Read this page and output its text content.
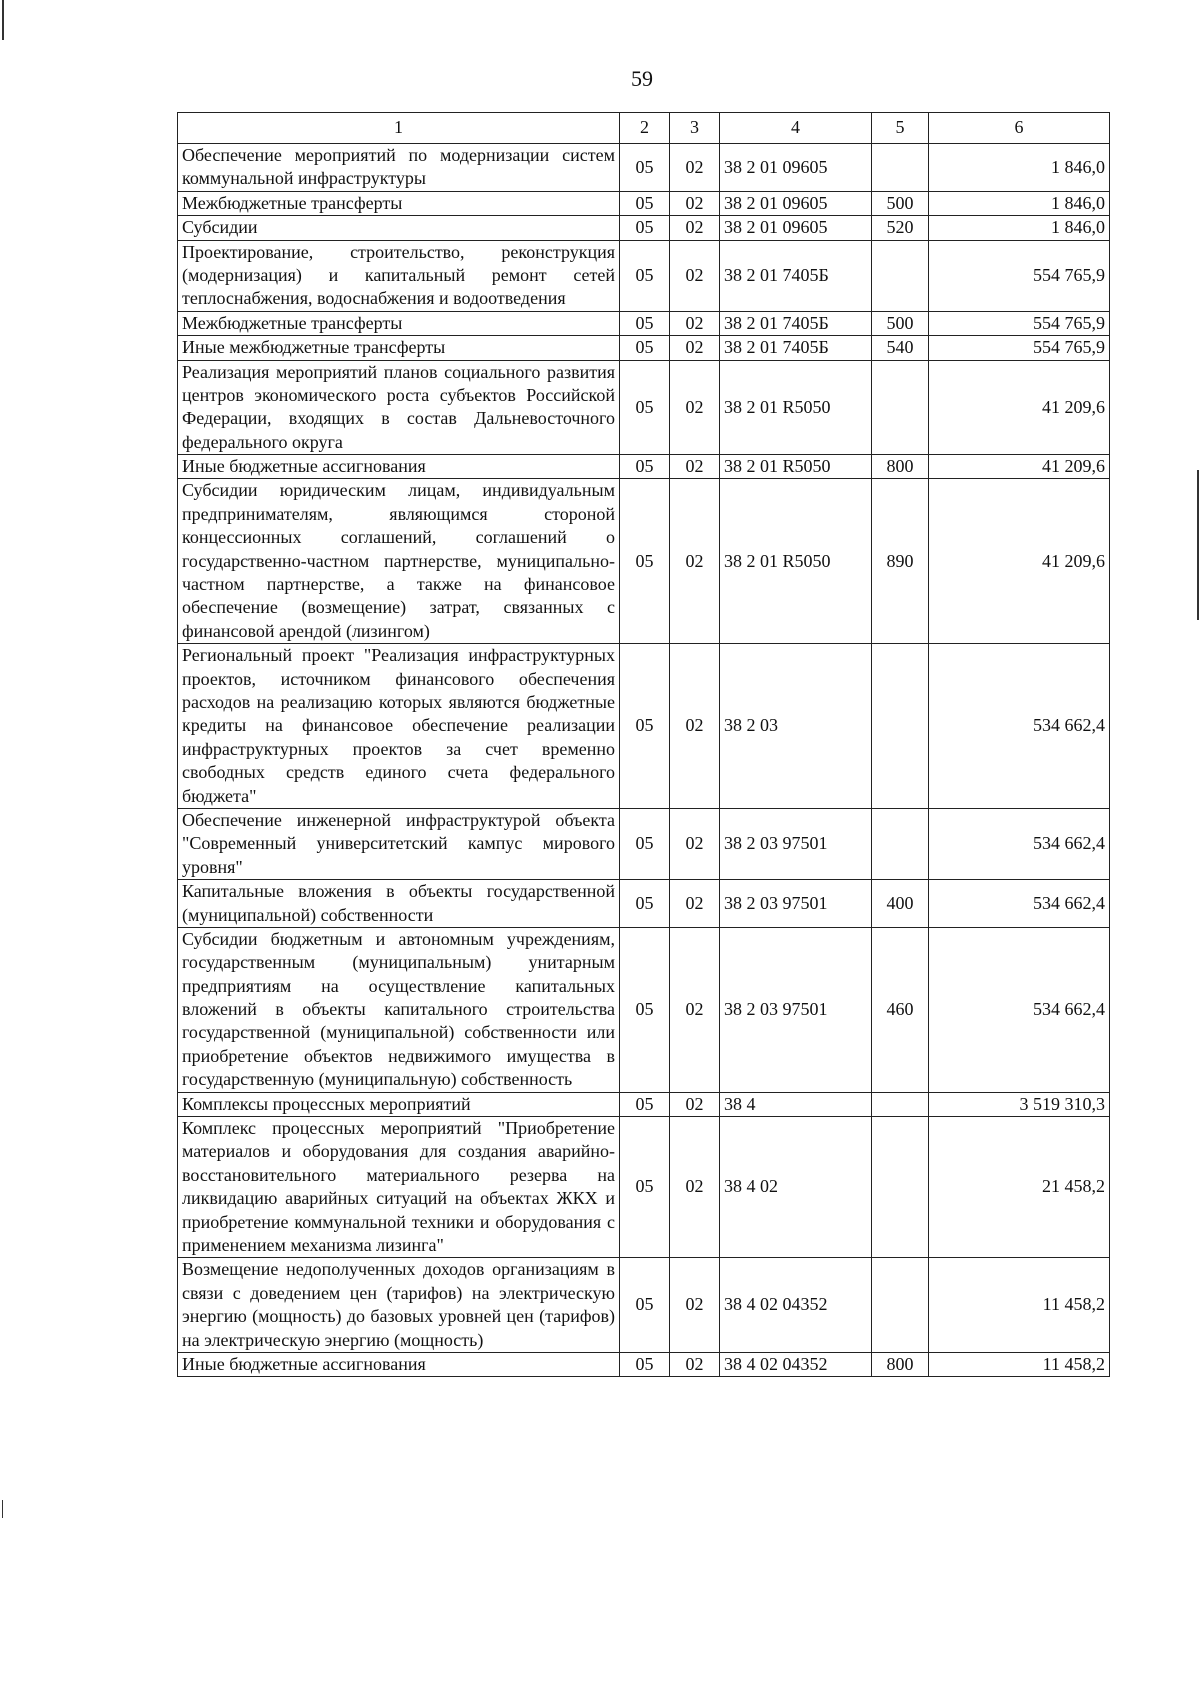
59
1	2	3	4	5	6
Обеспечение мероприятий по модернизации систем коммунальной инфраструктуры	05	02	38 2 01 09605		1 846,0
Межбюджетные трансферты	05	02	38 2 01 09605	500	1 846,0
Субсидии	05	02	38 2 01 09605	520	1 846,0
Проектирование, строительство, реконструкция (модернизация) и капитальный ремонт сетей теплоснабжения, водоснабжения и водоотведения	05	02	38 2 01 7405Б		554 765,9
Межбюджетные трансферты	05	02	38 2 01 7405Б	500	554 765,9
Иные межбюджетные трансферты	05	02	38 2 01 7405Б	540	554 765,9
Реализация мероприятий планов социального развития центров экономического роста субъектов Российской Федерации, входящих в состав Дальневосточного федерального округа	05	02	38 2 01 R5050		41 209,6
Иные бюджетные ассигнования	05	02	38 2 01 R5050	800	41 209,6
Субсидии юридическим лицам, индивидуальным предпринимателям, являющимся стороной концессионных соглашений, соглашений о государственно-частном партнерстве, муниципально-частном партнерстве, а также на финансовое обеспечение (возмещение) затрат, связанных с финансовой арендой (лизингом)	05	02	38 2 01 R5050	890	41 209,6
Региональный проект "Реализация инфраструктурных проектов, источником финансового обеспечения расходов на реализацию которых являются бюджетные кредиты на финансовое обеспечение реализации инфраструктурных проектов за счет временно свободных средств единого счета федерального бюджета"	05	02	38 2 03		534 662,4
Обеспечение инженерной инфраструктурой объекта "Современный университетский кампус мирового уровня"	05	02	38 2 03 97501		534 662,4
Капитальные вложения в объекты государственной (муниципальной) собственности	05	02	38 2 03 97501	400	534 662,4
Субсидии бюджетным и автономным учреждениям, государственным (муниципальным) унитарным предприятиям на осуществление капитальных вложений в объекты капитального строительства государственной (муниципальной) собственности или приобретение объектов недвижимого имущества в государственную (муниципальную) собственность	05	02	38 2 03 97501	460	534 662,4
Комплексы процессных мероприятий	05	02	38 4		3 519 310,3
Комплекс процессных мероприятий "Приобретение материалов и оборудования для создания аварийно-восстановительного материального резерва на ликвидацию аварийных ситуаций на объектах ЖКХ и приобретение коммунальной техники и оборудования с применением механизма лизинга"	05	02	38 4 02		21 458,2
Возмещение недополученных доходов организациям в связи с доведением цен (тарифов) на электрическую энергию (мощность) до базовых уровней цен (тарифов) на электрическую энергию (мощность)	05	02	38 4 02 04352		11 458,2
Иные бюджетные ассигнования	05	02	38 4 02 04352	800	11 458,2
